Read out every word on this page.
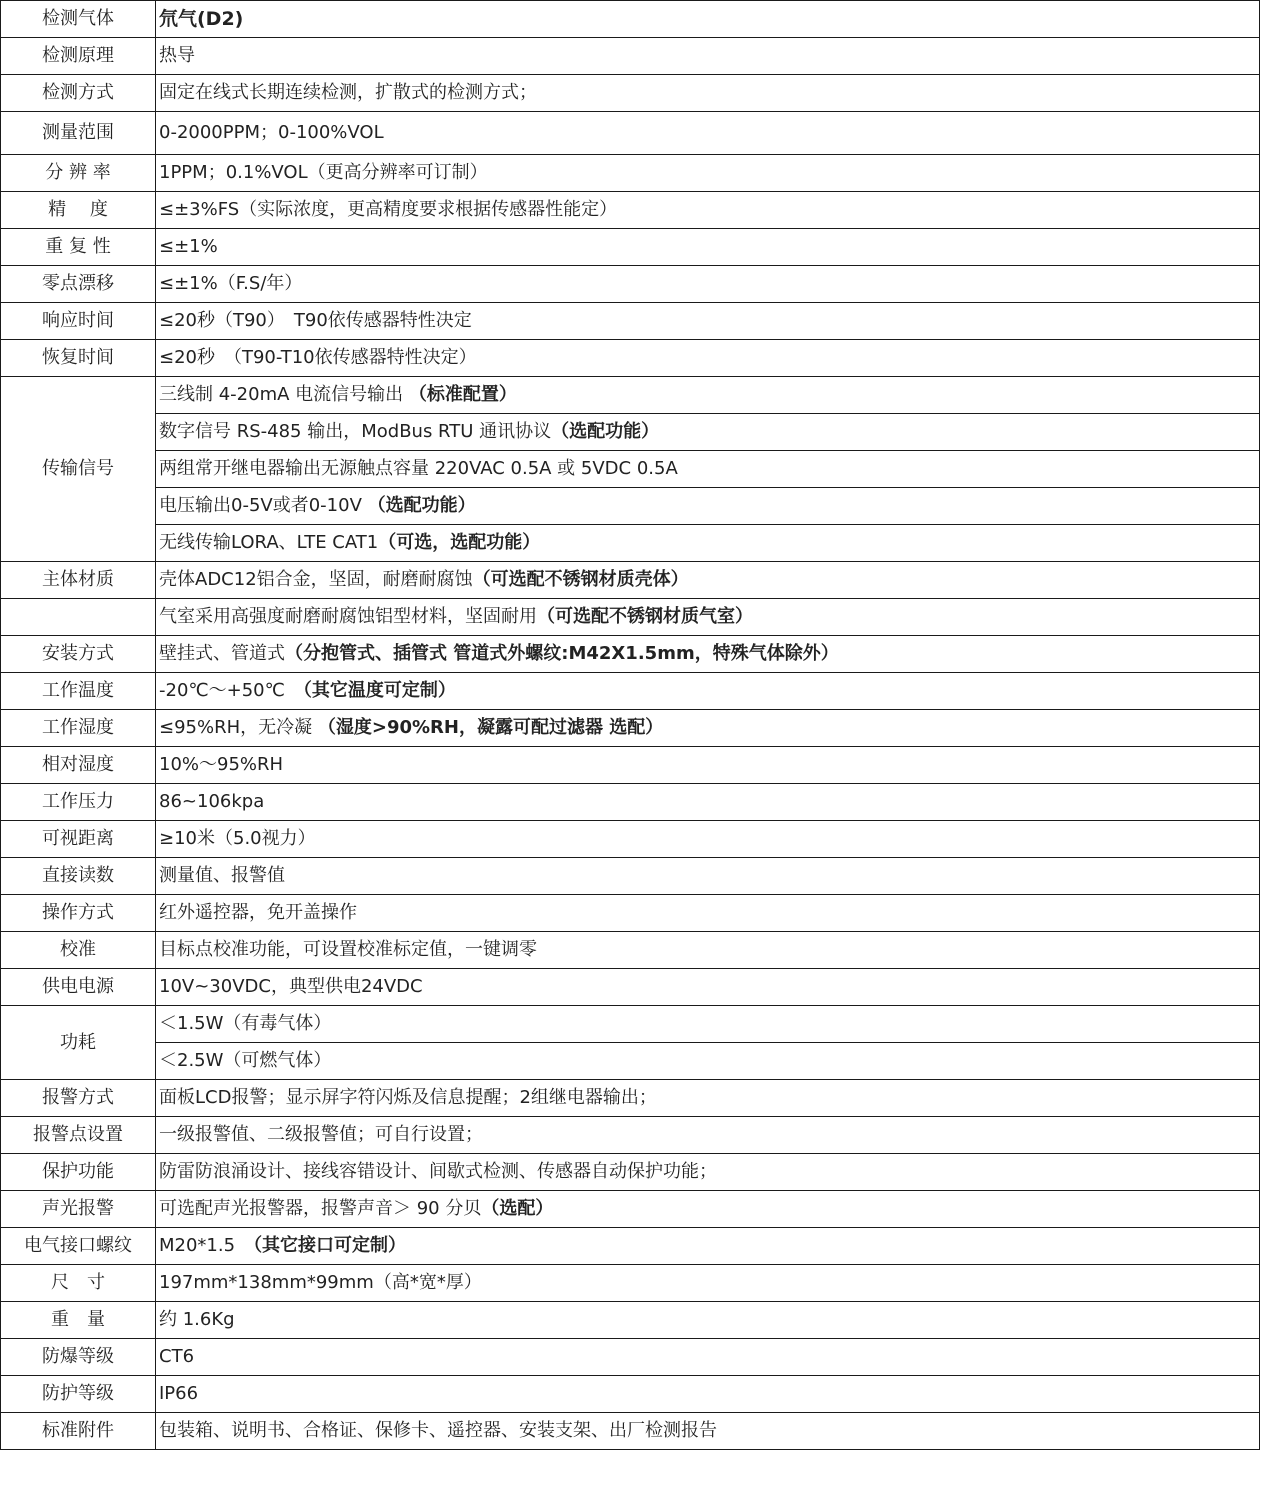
检测气体	氘气(D2)
检测原理	热导
检测方式	固定在线式长期连续检测，扩散式的检测方式；
测量范围	0-2000PPM；0-100%VOL
分 辨 率	1PPM；0.1%VOL（更高分辨率可订制）
精　 度	≤±3%FS（实际浓度，更高精度要求根据传感器性能定）
重 复 性	≤±1%
零点漂移	≤±1%（F.S/年）
响应时间	≤20秒（T90）　T90依传感器特性决定
恢复时间	≤20秒　（T90-T10依传感器特性决定）
传输信号	三线制 4-20mA 电流信号输出 （标准配置）
	数字信号 RS-485 输出，ModBus RTU 通讯协议（选配功能）
	两组常开继电器输出无源触点容量 220VAC 0.5A 或 5VDC 0.5A
	电压输出0-5V或者0-10V （选配功能）
	无线传输LORA、LTE CAT1（可选，选配功能）
主体材质	壳体ADC12铝合金，坚固，耐磨耐腐蚀（可选配不锈钢材质壳体）
	气室采用高强度耐磨耐腐蚀铝型材料，坚固耐用（可选配不锈钢材质气室）
安装方式	壁挂式、管道式（分抱管式、插管式 管道式外螺纹:M42X1.5mm，特殊气体除外）
工作温度	-20℃～+50℃　（其它温度可定制）
工作湿度	≤95%RH，无冷凝 （湿度>90%RH，凝露可配过滤器 选配）
相对湿度	10%～95%RH
工作压力	86~106kpa
可视距离	≥10米（5.0视力）
直接读数	测量值、报警值
操作方式	红外遥控器，免开盖操作
校准	目标点校准功能，可设置校准标定值，一键调零
供电电源	10V~30VDC，典型供电24VDC
功耗	＜1.5W（有毒气体）
	＜2.5W（可燃气体）
报警方式	面板LCD报警；显示屏字符闪烁及信息提醒；2组继电器输出；
报警点设置	一级报警值、二级报警值；可自行设置；
保护功能	防雷防浪涌设计、接线容错设计、间歇式检测、传感器自动保护功能；
声光报警	可选配声光报警器，报警声音＞ 90 分贝（选配）
电气接口螺纹	M20*1.5　（其它接口可定制）
尺　寸	197mm*138mm*99mm（高*宽*厚）
重　量	约 1.6Kg
防爆等级	CT6
防护等级	IP66
标准附件	包装箱、说明书、合格证、保修卡、遥控器、安装支架、出厂检测报告
